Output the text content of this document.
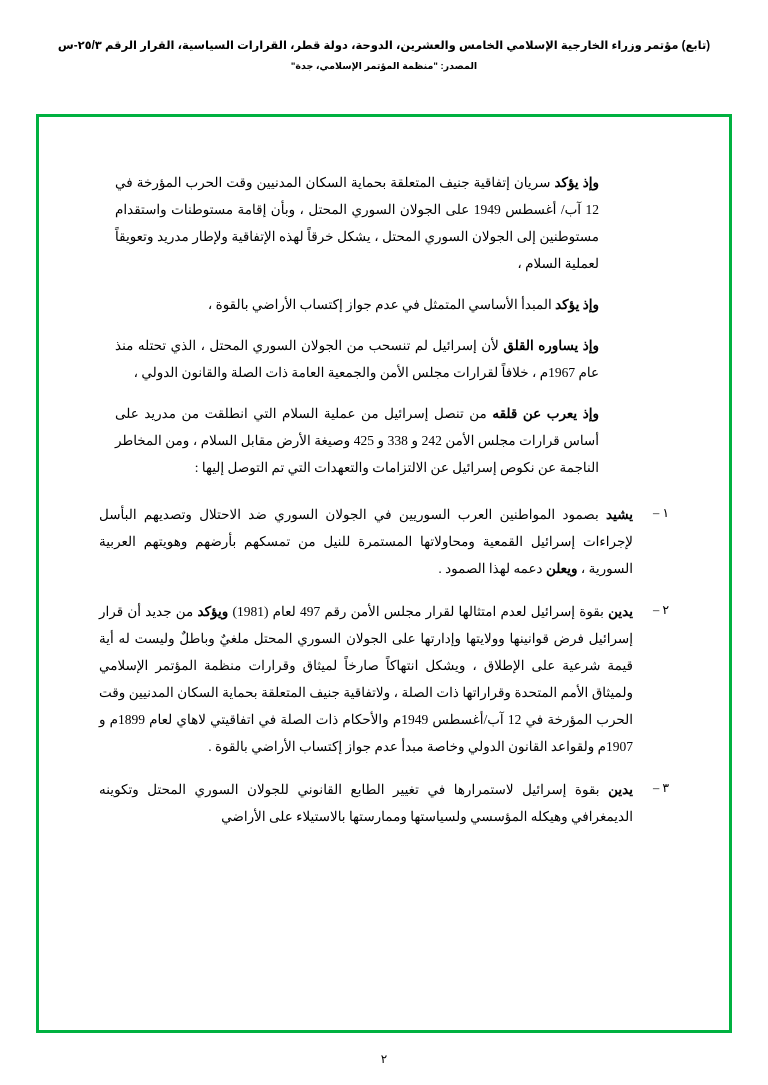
(تابع) مؤتمر وزراء الخارجية الإسلامي الخامس والعشرين، الدوحة، دولة قطر، القرارات السياسية، القرار الرقم ٢٥/٣-س
المصدر: "منظمة المؤتمر الإسلامي، جدة"

وإذ يؤكد سريان إتفاقية جنيف المتعلقة بحماية السكان المدنيين وقت الحرب المؤرخة في 12 آب/ أغسطس 1949 على الجولان السوري المحتل ، وبأن إقامة مستوطنات واستقدام مستوطنين إلى الجولان السوري المحتل ، يشكل خرقاً لهذه الإتفاقية ولإطار مدريد وتعويقاً لعملية السلام ،

وإذ يؤكد المبدأ الأساسي المتمثل في عدم جواز إكتساب الأراضي بالقوة ،

وإذ يساوره القلق لأن إسرائيل لم تنسحب من الجولان السوري المحتل ، الذي تحتله منذ عام 1967م ، خلافاً لقرارات مجلس الأمن والجمعية العامة ذات الصلة والقانون الدولي ،

وإذ يعرب عن قلقه من تنصل إسرائيل من عملية السلام التي انطلقت من مدريد على أساس قرارات مجلس الأمن 242 و 338 و 425 وصيغة الأرض مقابل السلام ، ومن المخاطر الناجمة عن نكوص إسرائيل عن الالتزامات والتعهدات التي تم التوصل إليها :

١ –
يشيد بصمود المواطنين العرب السوريين في الجولان السوري ضد الاحتلال وتصديهم البأسل لإجراءات إسرائيل القمعية ومحاولاتها المستمرة للنيل من تمسكهم بأرضهم وهويتهم العربية السورية ، ويعلن دعمه لهذا الصمود .
٢ –
يدين بقوة إسرائيل لعدم امتثالها لقرار مجلس الأمن رقم 497 لعام (1981) ويؤكد من جديد أن قرار إسرائيل فرض قوانينها وولايتها وإدارتها على الجولان السوري المحتل ملغيٌ وباطلٌ وليست له أية قيمة شرعية على الإطلاق ، ويشكل انتهاكاً صارخاً لميثاق وقرارات منظمة المؤتمر الإسلامي ولميثاق الأمم المتحدة وقراراتها ذات الصلة ، ولاتفاقية جنيف المتعلقة بحماية السكان المدنيين وقت الحرب المؤرخة في 12 آب/أغسطس 1949م والأحكام ذات الصلة في اتفاقيتي لاهاي لعام 1899م و 1907م ولقواعد القانون الدولي وخاصة مبدأ عدم جواز إكتساب الأراضي بالقوة .
٣ –
يدين بقوة إسرائيل لاستمرارها في تغيير الطابع القانوني للجولان السوري المحتل وتكوينه الديمغرافي وهيكله المؤسسي ولسياستها وممارستها بالاستيلاء على الأراضي
٢
